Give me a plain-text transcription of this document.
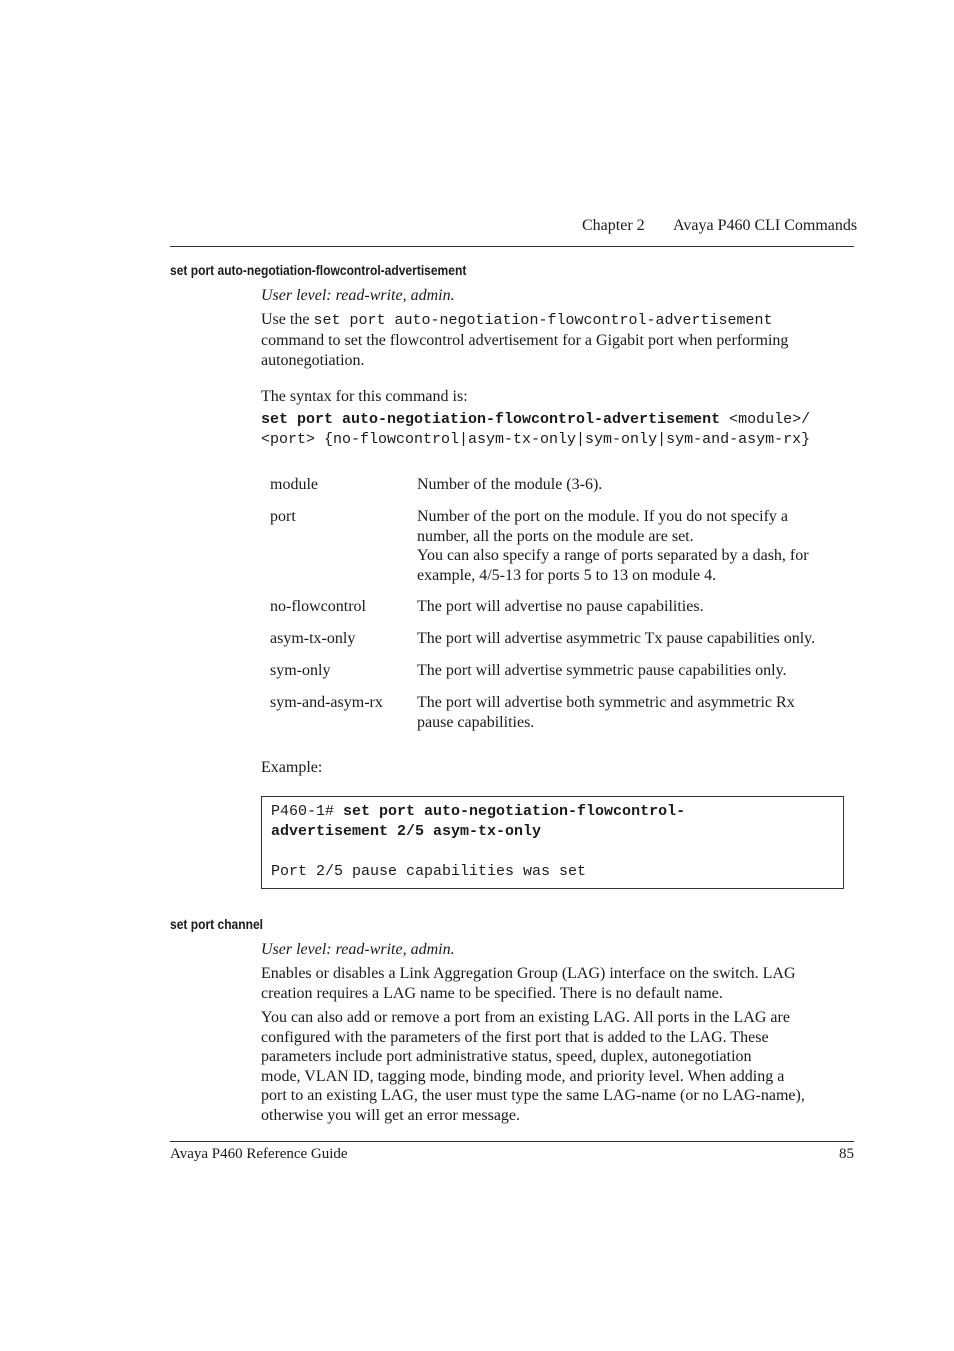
Chapter 2 Avaya P460 CLI Commands
set port auto-negotiation-flowcontrol-advertisement
User level: read-write, admin.

Use the set port auto-negotiation-flowcontrol-advertisement

command to set the flowcontrol advertisement for a Gigabit port when performing

autonegotiation.

The syntax for this command is:

set port auto-negotiation-flowcontrol-advertisement <module>/

<port> {no-flowcontrol|asym-tx-only|sym-only|sym-and-asym-rx}

module	Number of the module (3-6).

port	Number of the port on the module. If you do not specify a

number, all the ports on the module are set.

You can also specify a range of ports separated by a dash, for

example, 4/5-13 for ports 5 to 13 on module 4.

no-flowcontrol	The port will advertise no pause capabilities.

asym-tx-only	The port will advertise asymmetric Tx pause capabilities only.

sym-only	The port will advertise symmetric pause capabilities only.

sym-and-asym-rx	The port will advertise both symmetric and asymmetric Rx

pause capabilities.

Example:

P460-1# set port auto-negotiation-flowcontrol-

advertisement 2/5 asym-tx-only

Port 2/5 pause capabilities was set
set port channel
User level: read-write, admin.

Enables or disables a Link Aggregation Group (LAG) interface on the switch. LAG

creation requires a LAG name to be specified. There is no default name.

You can also add or remove a port from an existing LAG. All ports in the LAG are

configured with the parameters of the first port that is added to the LAG. These

parameters include port administrative status, speed, duplex, autonegotiation

mode, VLAN ID, tagging mode, binding mode, and priority level. When adding a

port to an existing LAG, the user must type the same LAG-name (or no LAG-name),

otherwise you will get an error message.

Avaya P460 Reference Guide	85
